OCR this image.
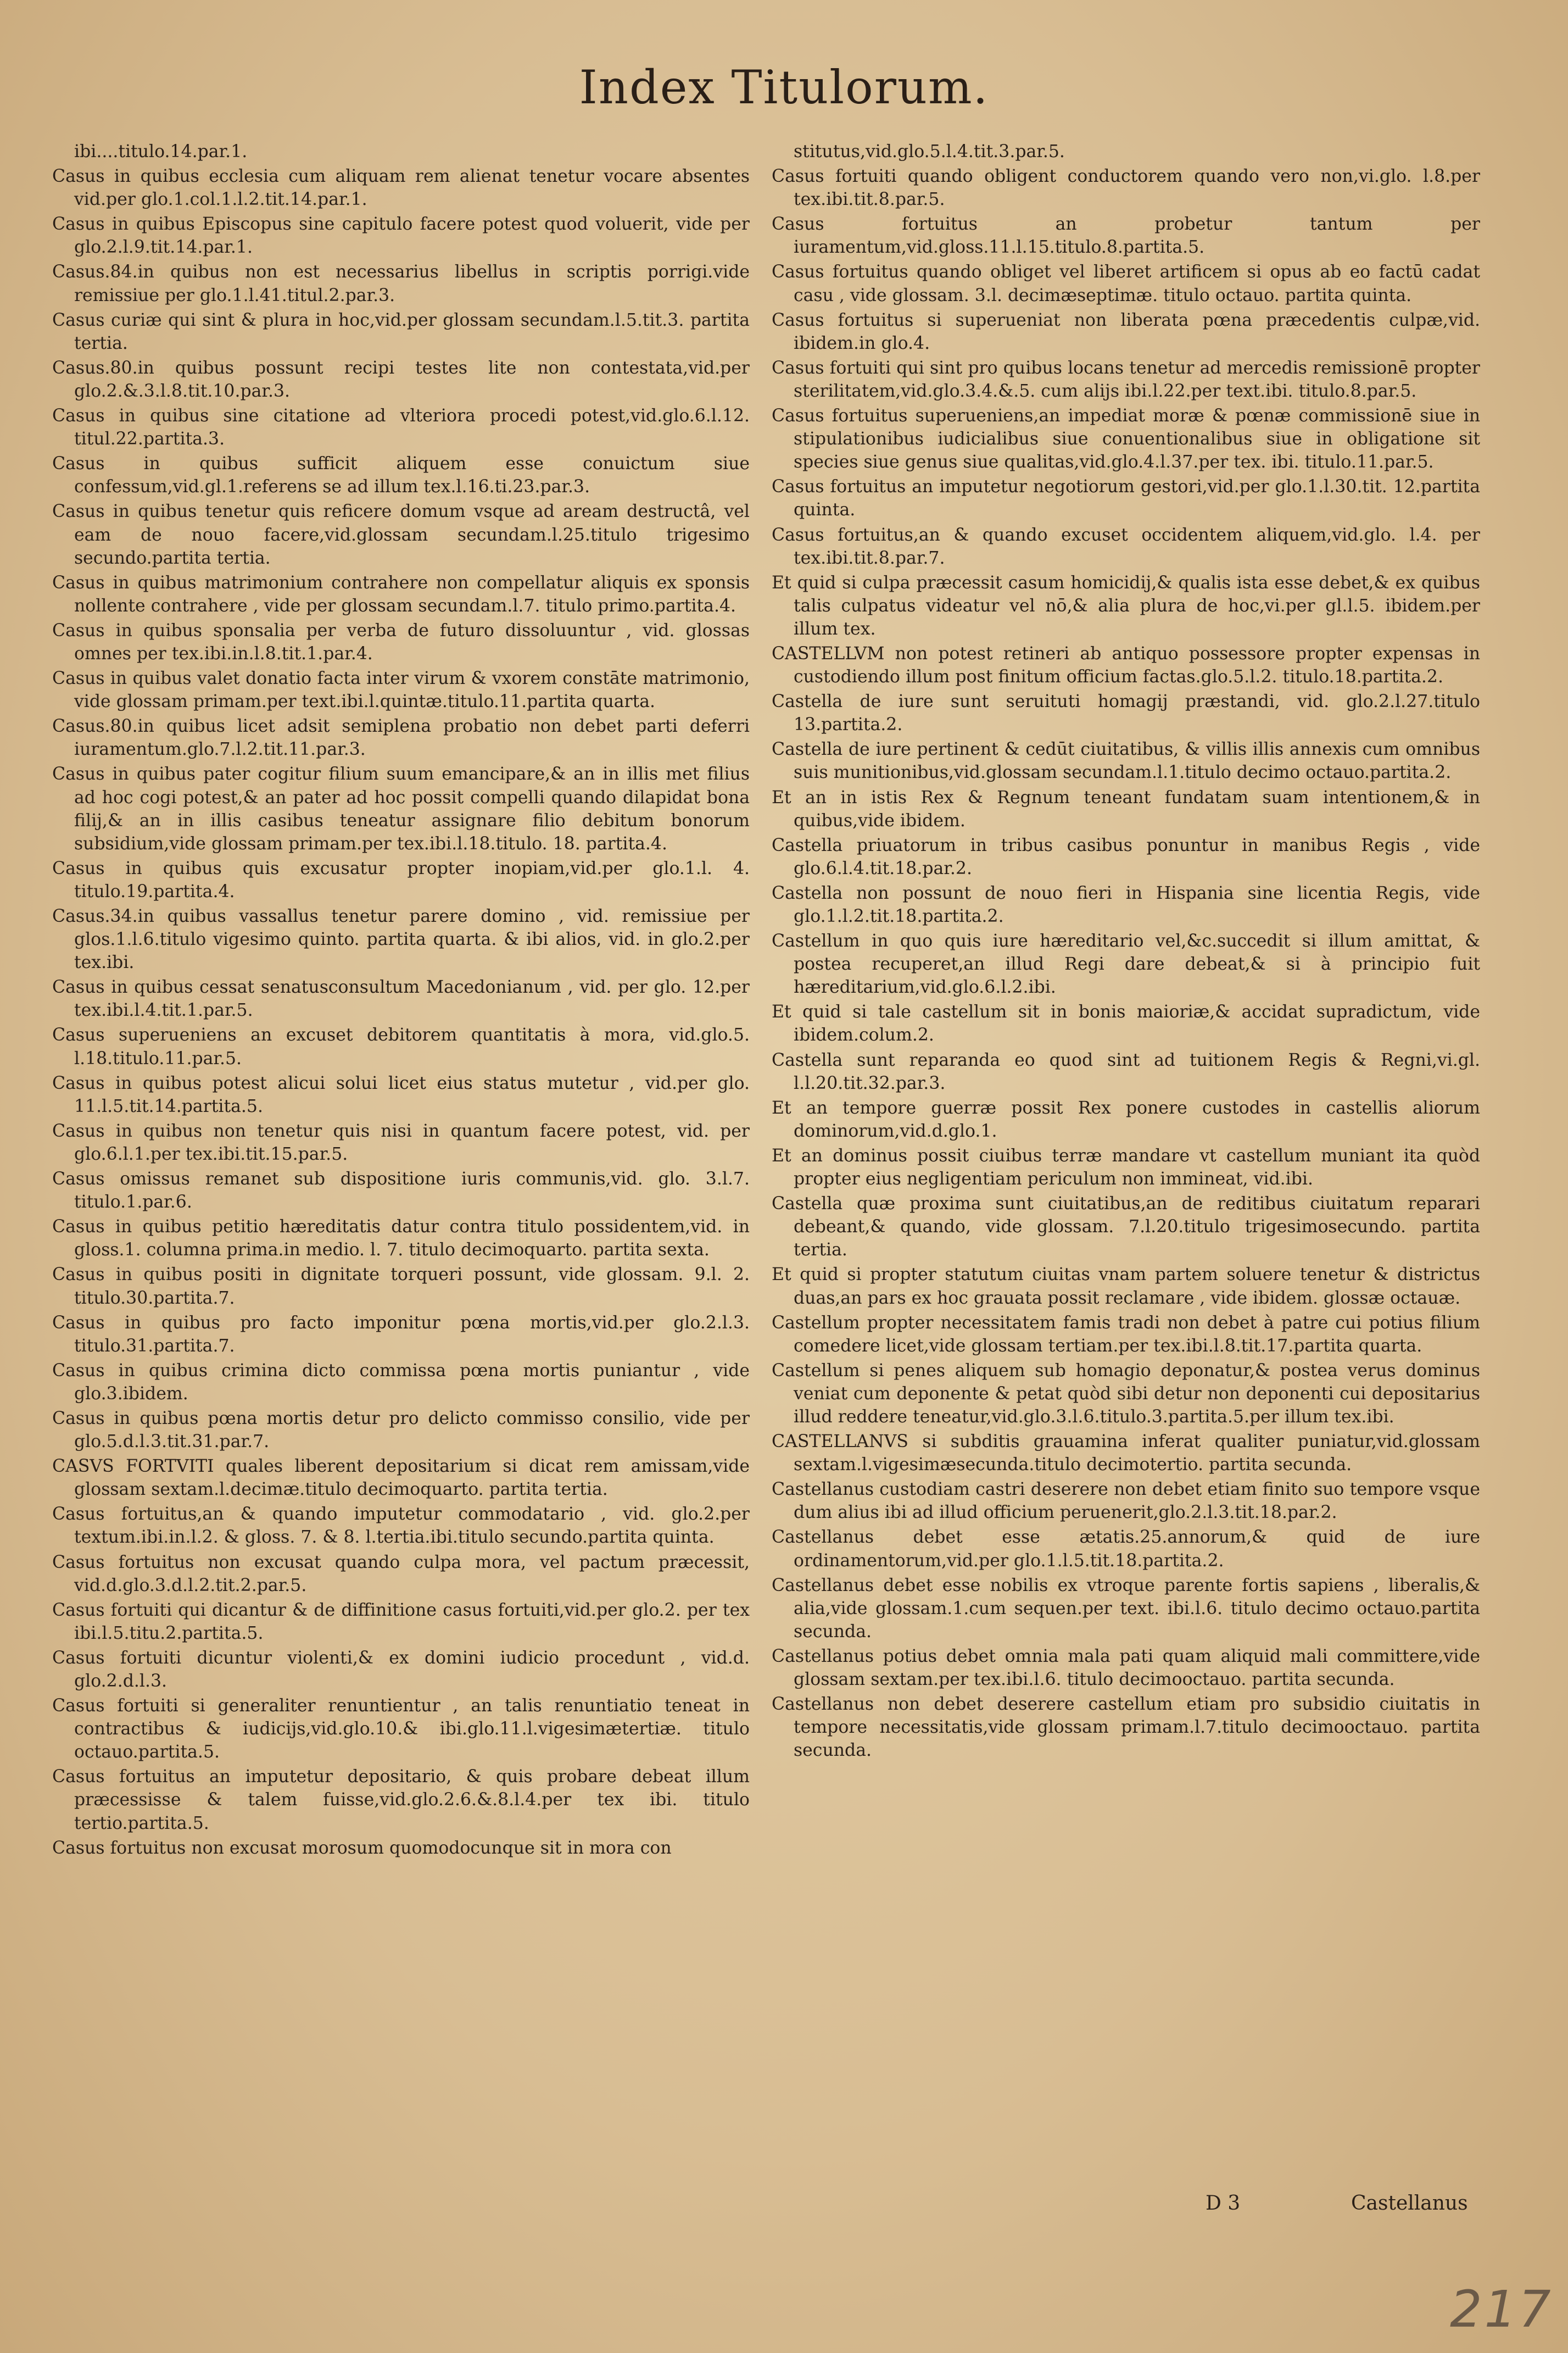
Index Titulorum.
ibi....titulo.14.par.1.
Casus in quibus ecclesia cum aliquam rem alienat tenetur vocare absentes vid.per glo.1.col.1.l.2.tit.14.par.1.
Casus in quibus Episcopus sine capitulo facere potest quod voluerit, vide per glo.2.l.9.tit.14.par.1.
Casus.84.in quibus non est necessarius libellus in scriptis porrigi.vide remissiue per glo.1.l.41.titul.2.par.3.
Casus curiæ qui sint & plura in hoc,vid.per glossam secundam.l.5.tit.3. partita tertia.
Casus.80.in quibus possunt recipi testes lite non contestata,vid.per glo.2.&.3.l.8.tit.10.par.3.
Casus in quibus sine citatione ad vlteriora procedi potest,vid.glo.6.l.12. titul.22.partita.3.
Casus in quibus sufficit aliquem esse conuictum siue confessum,vid.gl.1.referens se ad illum tex.l.16.ti.23.par.3.
Casus in quibus tenetur quis reficere domum vsque ad aream destructâ, vel eam de nouo facere,vid.glossam secundam.l.25.titulo trigesimo secundo.partita tertia.
Casus in quibus matrimonium contrahere non compellatur aliquis ex sponsis nollente contrahere , vide per glossam secundam.l.7. titulo primo.partita.4.
Casus in quibus sponsalia per verba de futuro dissoluuntur , vid. glossas omnes per tex.ibi.in.l.8.tit.1.par.4.
Casus in quibus valet donatio facta inter virum & vxorem constāte matrimonio, vide glossam primam.per text.ibi.l.quintæ.titulo.11.partita quarta.
Casus.80.in quibus licet adsit semiplena probatio non debet parti deferri iuramentum.glo.7.l.2.tit.11.par.3.
Casus in quibus pater cogitur filium suum emancipare,& an in illis met filius ad hoc cogi potest,& an pater ad hoc possit compelli quando dilapidat bona filij,& an in illis casibus teneatur assignare filio debitum bonorum subsidium,vide glossam primam.per tex.ibi.l.18.titulo. 18. partita.4.
Casus in quibus quis excusatur propter inopiam,vid.per glo.1.l. 4. titulo.19.partita.4.
Casus.34.in quibus vassallus tenetur parere domino , vid. remissiue per glos.1.l.6.titulo vigesimo quinto. partita quarta. & ibi alios, vid. in glo.2.per tex.ibi.
Casus in quibus cessat senatusconsultum Macedonianum , vid. per glo. 12.per tex.ibi.l.4.tit.1.par.5.
Casus superueniens an excuset debitorem quantitatis à mora, vid.glo.5. l.18.titulo.11.par.5.
Casus in quibus potest alicui solui licet eius status mutetur , vid.per glo. 11.l.5.tit.14.partita.5.
Casus in quibus non tenetur quis nisi in quantum facere potest, vid. per glo.6.l.1.per tex.ibi.tit.15.par.5.
Casus omissus remanet sub dispositione iuris communis,vid. glo. 3.l.7. titulo.1.par.6.
Casus in quibus petitio hæreditatis datur contra titulo possidentem,vid. in gloss.1. columna prima.in medio. l. 7. titulo decimoquarto. partita sexta.
Casus in quibus positi in dignitate torqueri possunt, vide glossam. 9.l. 2. titulo.30.partita.7.
Casus in quibus pro facto imponitur pœna mortis,vid.per glo.2.l.3. titulo.31.partita.7.
Casus in quibus crimina dicto commissa pœna mortis puniantur , vide glo.3.ibidem.
Casus in quibus pœna mortis detur pro delicto commisso consilio, vide per glo.5.d.l.3.tit.31.par.7.
CASVS FORTVITI quales liberent depositarium si dicat rem amissam,vide glossam sextam.l.decimæ.titulo decimoquarto. partita tertia.
Casus fortuitus,an & quando imputetur commodatario , vid. glo.2.per textum.ibi.in.l.2. & gloss. 7. & 8. l.tertia.ibi.titulo secundo.partita quinta.
Casus fortuitus non excusat quando culpa mora, vel pactum præcessit, vid.d.glo.3.d.l.2.tit.2.par.5.
Casus fortuiti qui dicantur & de diffinitione casus fortuiti,vid.per glo.2. per tex ibi.l.5.titu.2.partita.5.
Casus fortuiti dicuntur violenti,& ex domini iudicio procedunt , vid.d. glo.2.d.l.3.
Casus fortuiti si generaliter renuntientur , an talis renuntiatio teneat in contractibus & iudicijs,vid.glo.10.& ibi.glo.11.l.vigesimætertiæ. titulo octauo.partita.5.
Casus fortuitus an imputetur depositario, & quis probare debeat illum præcessisse & talem fuisse,vid.glo.2.6.&.8.l.4.per tex ibi. titulo tertio.partita.5.
Casus fortuitus non excusat morosum quomodocunque sit in mora con
stitutus,vid.glo.5.l.4.tit.3.par.5.
Casus fortuiti quando obligent conductorem quando vero non,vi.glo. l.8.per tex.ibi.tit.8.par.5.
Casus fortuitus an probetur tantum per iuramentum,vid.gloss.11.l.15.titulo.8.partita.5.
Casus fortuitus quando obliget vel liberet artificem si opus ab eo factū cadat casu , vide glossam. 3.l. decimæseptimæ. titulo octauo. partita quinta.
Casus fortuitus si superueniat non liberata pœna præcedentis culpæ,vid. ibidem.in glo.4.
Casus fortuiti qui sint pro quibus locans tenetur ad mercedis remissionē propter sterilitatem,vid.glo.3.4.&.5. cum alijs ibi.l.22.per text.ibi. titulo.8.par.5.
Casus fortuitus superueniens,an impediat moræ & pœnæ commissionē siue in stipulationibus iudicialibus siue conuentionalibus siue in obligatione sit species siue genus siue qualitas,vid.glo.4.l.37.per tex. ibi. titulo.11.par.5.
Casus fortuitus an imputetur negotiorum gestori,vid.per glo.1.l.30.tit. 12.partita quinta.
Casus fortuitus,an & quando excuset occidentem aliquem,vid.glo. l.4. per tex.ibi.tit.8.par.7.
Et quid si culpa præcessit casum homicidij,& qualis ista esse debet,& ex quibus talis culpatus videatur vel nō,& alia plura de hoc,vi.per gl.l.5. ibidem.per illum tex.
CASTELLVM non potest retineri ab antiquo possessore propter expensas in custodiendo illum post finitum officium factas.glo.5.l.2. titulo.18.partita.2.
Castella de iure sunt seruituti homagij præstandi, vid. glo.2.l.27.titulo 13.partita.2.
Castella de iure pertinent & cedūt ciuitatibus, & villis illis annexis cum omnibus suis munitionibus,vid.glossam secundam.l.1.titulo decimo octauo.partita.2.
Et an in istis Rex & Regnum teneant fundatam suam intentionem,& in quibus,vide ibidem.
Castella priuatorum in tribus casibus ponuntur in manibus Regis , vide glo.6.l.4.tit.18.par.2.
Castella non possunt de nouo fieri in Hispania sine licentia Regis, vide glo.1.l.2.tit.18.partita.2.
Castellum in quo quis iure hæreditario vel,&c.succedit si illum amittat, & postea recuperet,an illud Regi dare debeat,& si à principio fuit hæreditarium,vid.glo.6.l.2.ibi.
Et quid si tale castellum sit in bonis maioriæ,& accidat supradictum, vide ibidem.colum.2.
Castella sunt reparanda eo quod sint ad tuitionem Regis & Regni,vi.gl. l.l.20.tit.32.par.3.
Et an tempore guerræ possit Rex ponere custodes in castellis aliorum dominorum,vid.d.glo.1.
Et an dominus possit ciuibus terræ mandare vt castellum muniant ita quòd propter eius negligentiam periculum non immineat, vid.ibi.
Castella quæ proxima sunt ciuitatibus,an de reditibus ciuitatum reparari debeant,& quando, vide glossam. 7.l.20.titulo trigesimosecundo. partita tertia.
Et quid si propter statutum ciuitas vnam partem soluere tenetur & districtus duas,an pars ex hoc grauata possit reclamare , vide ibidem. glossæ octauæ.
Castellum propter necessitatem famis tradi non debet à patre cui potius filium comedere licet,vide glossam tertiam.per tex.ibi.l.8.tit.17.partita quarta.
Castellum si penes aliquem sub homagio deponatur,& postea verus dominus veniat cum deponente & petat quòd sibi detur non deponenti cui depositarius illud reddere teneatur,vid.glo.3.l.6.titulo.3.partita.5.per illum tex.ibi.
CASTELLANVS si subditis grauamina inferat qualiter puniatur,vid.glossam sextam.l.vigesimæsecunda.titulo decimotertio. partita secunda.
Castellanus custodiam castri deserere non debet etiam finito suo tempore vsque dum alius ibi ad illud officium peruenerit,glo.2.l.3.tit.18.par.2.
Castellanus debet esse ætatis.25.annorum,& quid de iure ordinamentorum,vid.per glo.1.l.5.tit.18.partita.2.
Castellanus debet esse nobilis ex vtroque parente fortis sapiens , liberalis,& alia,vide glossam.1.cum sequen.per text. ibi.l.6. titulo decimo octauo.partita secunda.
Castellanus potius debet omnia mala pati quam aliquid mali committere,vide glossam sextam.per tex.ibi.l.6. titulo decimooctauo. partita secunda.
Castellanus non debet deserere castellum etiam pro subsidio ciuitatis in tempore necessitatis,vide glossam primam.l.7.titulo decimooctauo. partita secunda.
D 3	Castellanus
217
